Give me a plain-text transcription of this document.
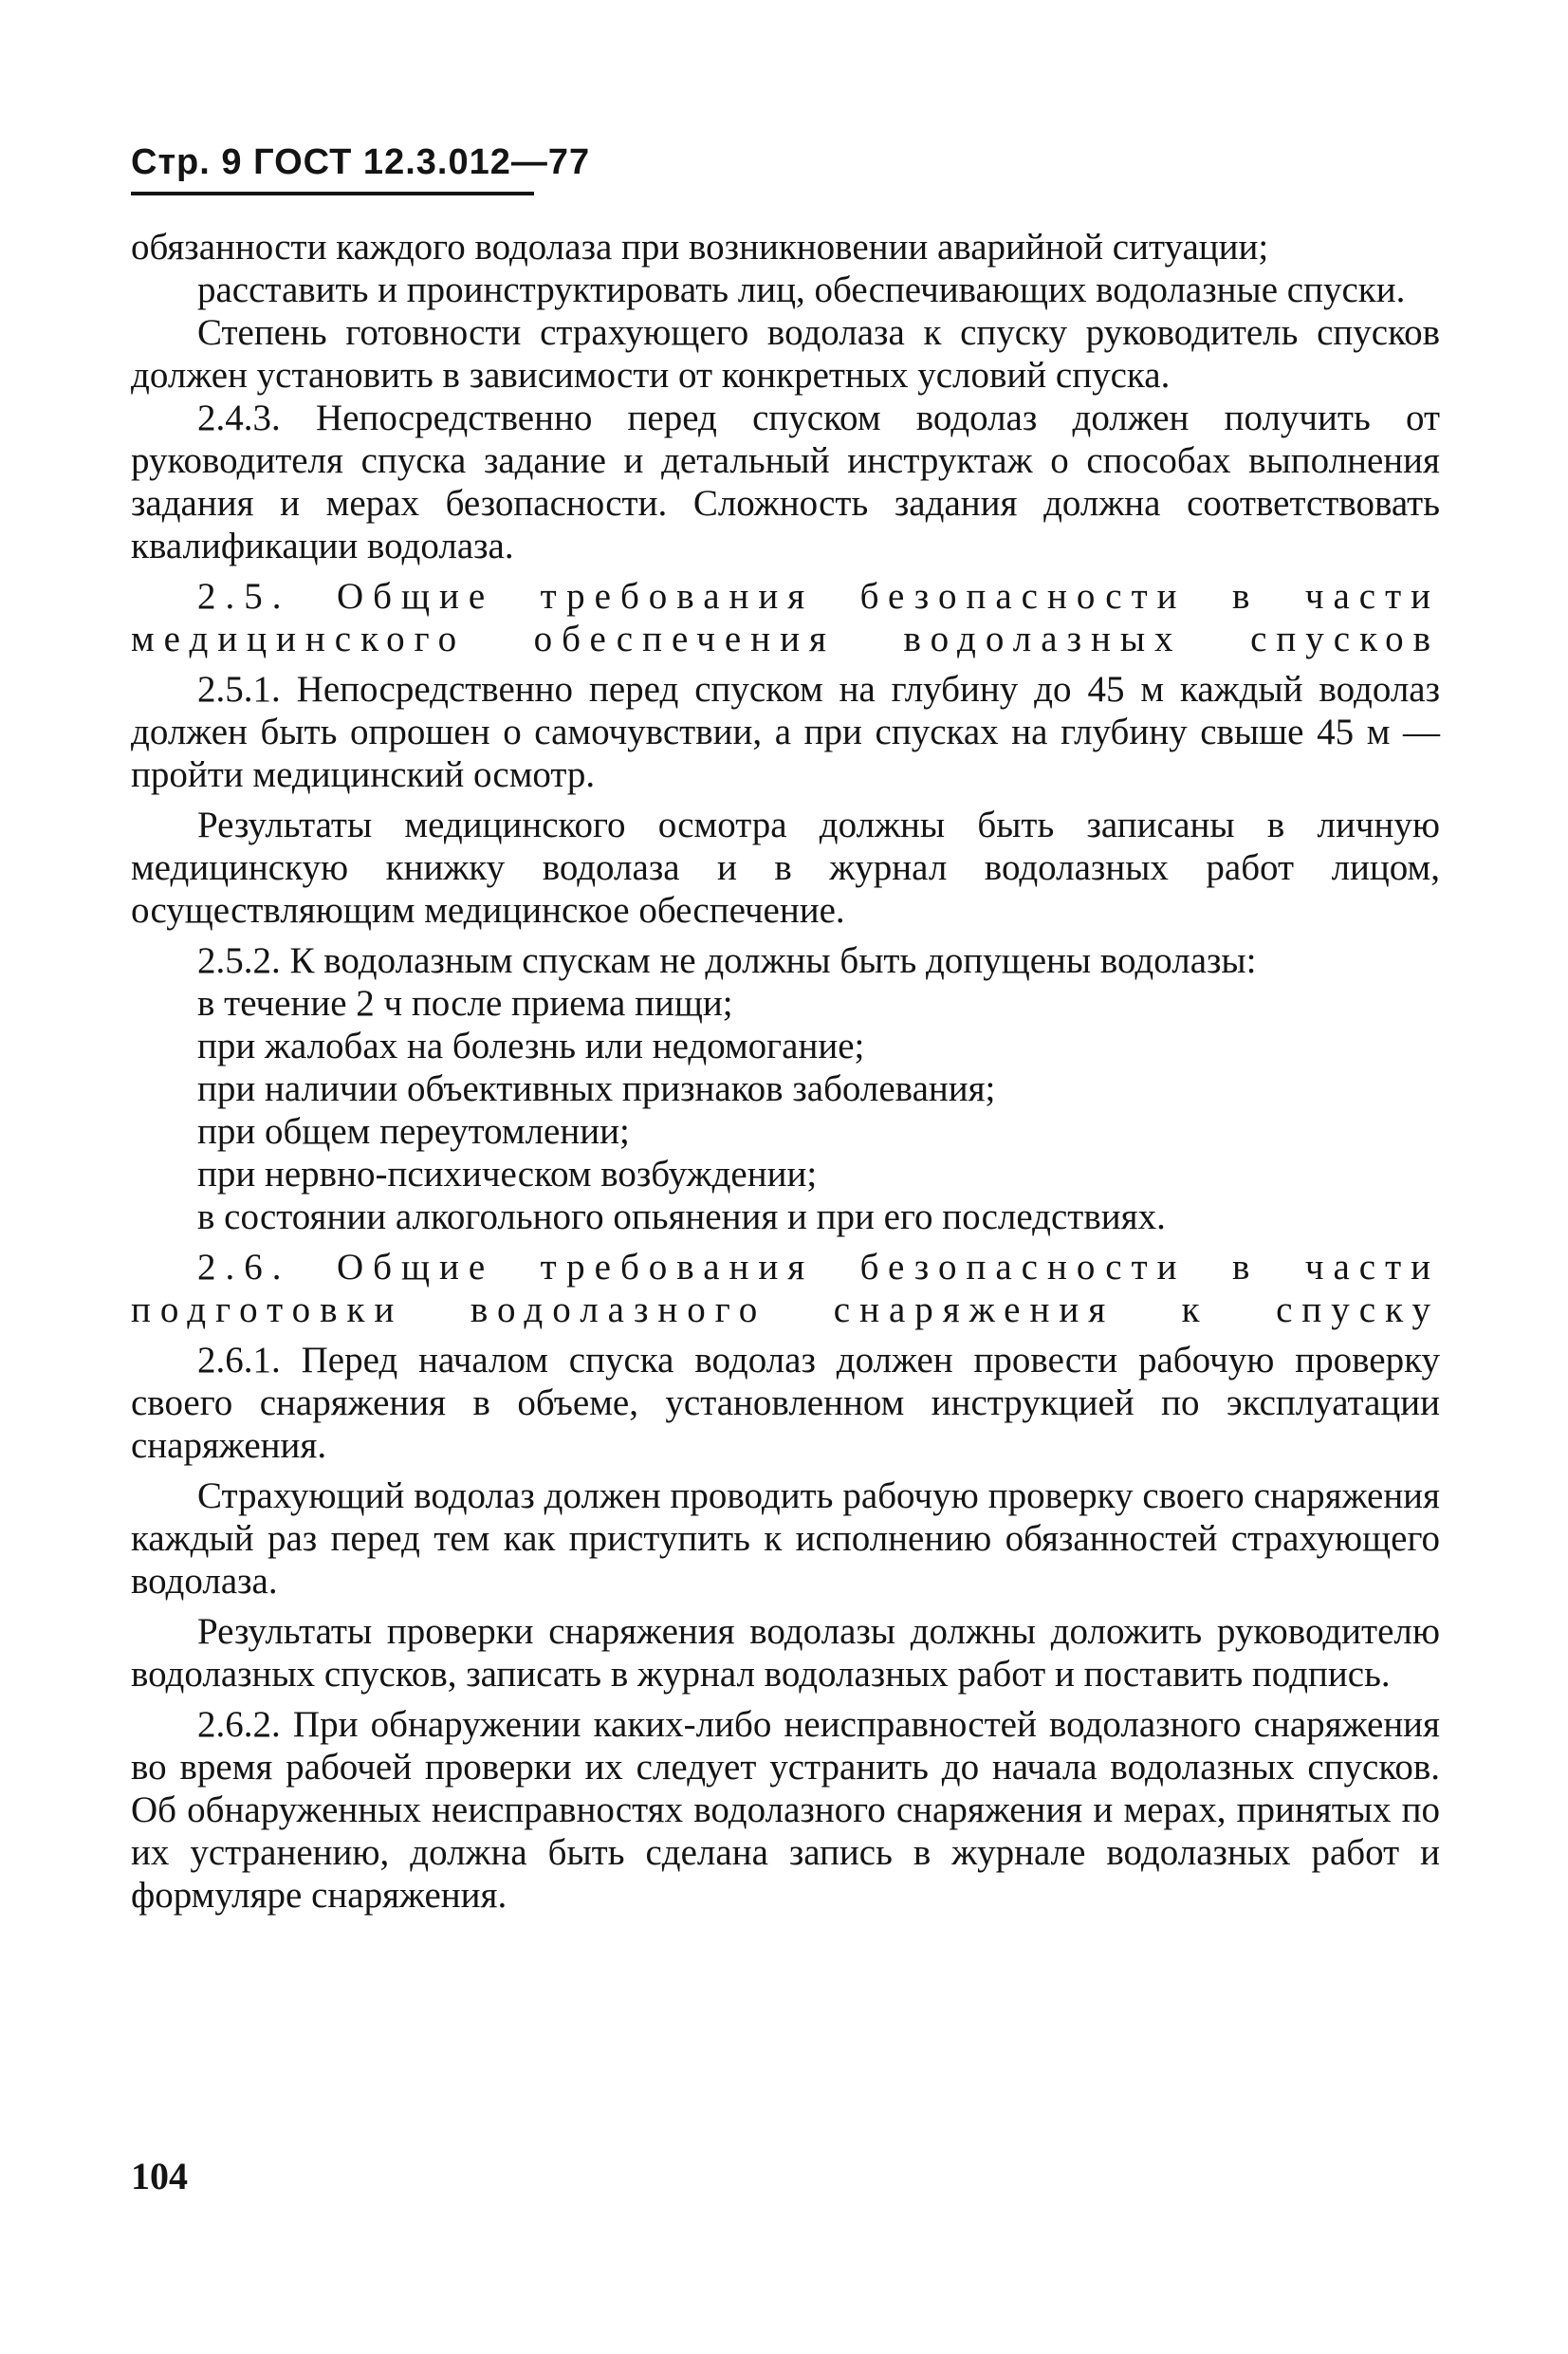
Стр. 9 ГОСТ 12.3.012—77

обязанности каждого водолаза при возникновении аварийной ситуации;

расставить и проинструктировать лиц, обеспечивающих водолазные спуски.

Степень готовности страхующего водолаза к спуску руководитель спусков должен установить в зависимости от конкретных условий спуска.

2.4.3. Непосредственно перед спуском водолаз должен получить от руководителя спуска задание и детальный инструктаж о способах выполнения задания и мерах безопасности. Сложность задания должна соответствовать квалификации водолаза.

2.5. Общие требования безопасности в части медицинского обеспечения водолазных спусков

2.5.1. Непосредственно перед спуском на глубину до 45 м каждый водолаз должен быть опрошен о самочувствии, а при спусках на глубину свыше 45 м — пройти медицинский осмотр.

Результаты медицинского осмотра должны быть записаны в личную медицинскую книжку водолаза и в журнал водолазных работ лицом, осуществляющим медицинское обеспечение.

2.5.2. К водолазным спускам не должны быть допущены водолазы:

в течение 2 ч после приема пищи;

при жалобах на болезнь или недомогание;

при наличии объективных признаков заболевания;

при общем переутомлении;

при нервно-психическом возбуждении;

в состоянии алкогольного опьянения и при его последствиях.

2.6. Общие требования безопасности в части подготовки водолазного снаряжения к спуску

2.6.1. Перед началом спуска водолаз должен провести рабочую проверку своего снаряжения в объеме, установленном инструкцией по эксплуатации снаряжения.

Страхующий водолаз должен проводить рабочую проверку своего снаряжения каждый раз перед тем как приступить к исполнению обязанностей страхующего водолаза.

Результаты проверки снаряжения водолазы должны доложить руководителю водолазных спусков, записать в журнал водолазных работ и поставить подпись.

2.6.2. При обнаружении каких-либо неисправностей водолазного снаряжения во время рабочей проверки их следует устранить до начала водолазных спусков. Об обнаруженных неисправностях водолазного снаряжения и мерах, принятых по их устранению, должна быть сделана запись в журнале водолазных работ и формуляре снаряжения.

104
